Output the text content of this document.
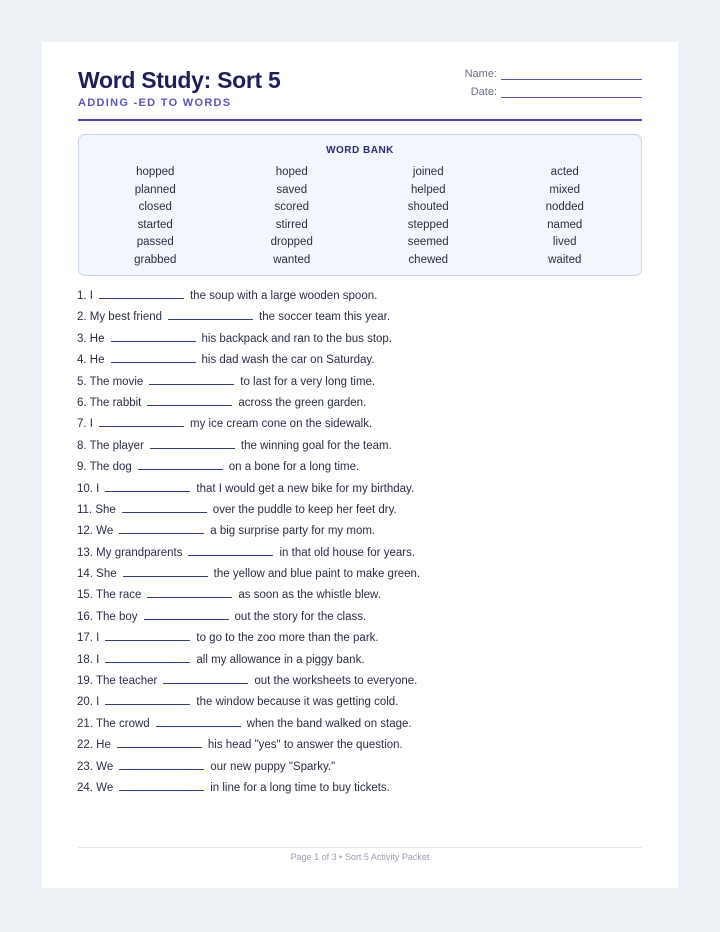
Word Study: Sort 5
ADDING -ED TO WORDS
Name:
Date:
WORD BANK
hopped	hoped	joined	acted
planned	saved	helped	mixed
closed	scored	shouted	nodded
started	stirred	stepped	named
passed	dropped	seemed	lived
grabbed	wanted	chewed	waited
1. I	the soup with a large wooden spoon.
2. My best friend	the soccer team this year.
3. He	his backpack and ran to the bus stop.
4. He	his dad wash the car on Saturday.
5. The movie	to last for a very long time.
6. The rabbit	across the green garden.
7. I	my ice cream cone on the sidewalk.
8. The player	the winning goal for the team.
9. The dog	on a bone for a long time.
10. I	that I would get a new bike for my birthday.
11. She	over the puddle to keep her feet dry.
12. We	a big surprise party for my mom.
13. My grandparents	in that old house for years.
14. She	the yellow and blue paint to make green.
15. The race	as soon as the whistle blew.
16. The boy	out the story for the class.
17. I	to go to the zoo more than the park.
18. I	all my allowance in a piggy bank.
19. The teacher	out the worksheets to everyone.
20. I	the window because it was getting cold.
21. The crowd	when the band walked on stage.
22. He	his head "yes" to answer the question.
23. We	our new puppy "Sparky."
24. We	in line for a long time to buy tickets.
Page 1 of 3 • Sort 5 Activity Packet
